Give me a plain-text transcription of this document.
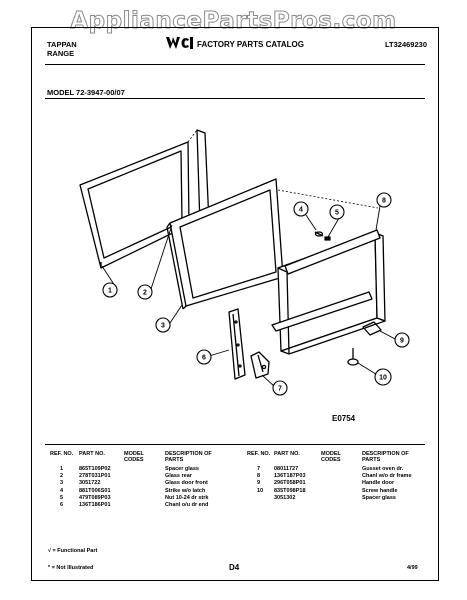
AppliancePartsPros.com
TAPPAN
RANGE
FACTORY PARTS CATALOG	LT32469230
MODEL 72-3947-00/07
1	2
3
4	5
6
7
8
9
10
E0754
REF. NO.	PART NO.	MODEL CODES	DESCRIPTION OF PARTS
1	865T109P02		Spacer glass
2	278T031P01		Glass rear
3	3051722		Glass door front
4	881T006S01		Strike w/o latch
5	479T089P03		Nut 10-24 dr strk
6	136T186P01		Chanl o/u dr end
REF. NO.	PART NO.	MODEL CODES	DESCRIPTION OF PARTS
7	08011727		Gusset oven dr.
8	136T187P03		Chanl w/o dr frame
9	296T058P01		Handle door
10	835T098P18		Screw handle
	3051302		Spacer glass
√ = Functional Part
* = Not Illustrated	D4	4/99
